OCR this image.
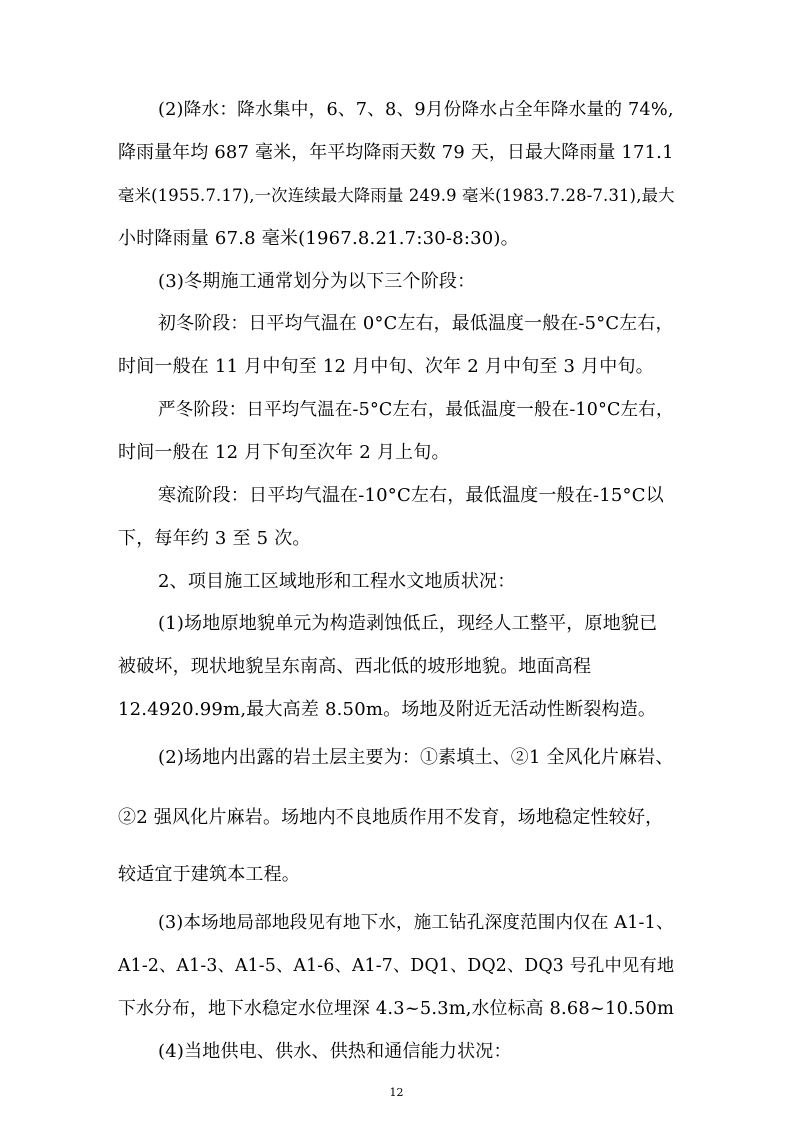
(2)降水：降水集中，6、7、8、9月份降水占全年降水量的 74%,
降雨量年均 687 毫米，年平均降雨天数 79 天，日最大降雨量 171.1
毫米(1955.7.17),一次连续最大降雨量 249.9 毫米(1983.7.28-7.31),最大
小时降雨量 67.8 毫米(1967.8.21.7:30-8:30)。
(3)冬期施工通常划分为以下三个阶段：
初冬阶段：日平均气温在 0°C左右，最低温度一般在-5°C左右，
时间一般在 11 月中旬至 12 月中旬、次年 2 月中旬至 3 月中旬。
严冬阶段：日平均气温在-5°C左右，最低温度一般在-10°C左右，
时间一般在 12 月下旬至次年 2 月上旬。
寒流阶段：日平均气温在-10°C左右，最低温度一般在-15°C以
下，每年约 3 至 5 次。
2、项目施工区域地形和工程水文地质状况：
(1)场地原地貌单元为构造剥蚀低丘，现经人工整平，原地貌已
被破坏，现状地貌呈东南高、西北低的坡形地貌。地面高程
12.4920.99m,最大高差 8.50m。场地及附近无活动性断裂构造。
(2)场地内出露的岩土层主要为：①素填土、②1 全风化片麻岩、
②2 强风化片麻岩。场地内不良地质作用不发育，场地稳定性较好，
较适宜于建筑本工程。
(3)本场地局部地段见有地下水，施工钻孔深度范围内仅在 A1-1、
A1-2、A1-3、A1-5、A1-6、A1-7、DQ1、DQ2、DQ3 号孔中见有地
下水分布，地下水稳定水位埋深 4.3~5.3m,水位标高 8.68~10.50m
(4)当地供电、供水、供热和通信能力状况：
12
